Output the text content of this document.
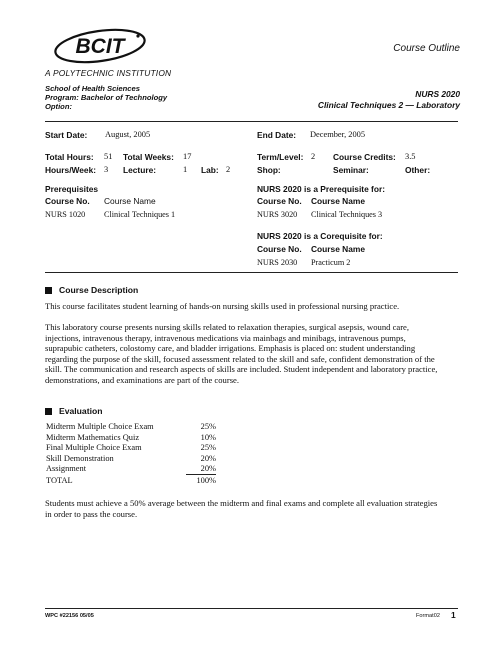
BCIT
A POLYTECHNIC INSTITUTION
Course Outline
School of Health Sciences
Program: Bachelor of Technology
Option:
NURS 2020
Clinical Techniques 2 — Laboratory
Start Date: August, 2005	End Date: December, 2005
Total Hours: 51 Total Weeks: 17	Term/Level: 2 Course Credits: 3.5
Hours/Week: 3 Lecture:	1 Lab: 2	Shop:	Seminar:	Other:
Prerequisites
Course No. Course Name
NURS 1020 Clinical Techniques 1
NURS 2020 is a Prerequisite for:
Course No. Course Name
NURS 3020 Clinical Techniques 3
NURS 2020 is a Corequisite for:
Course No. Course Name
NURS 2030 Practicum 2
Course Description
This course facilitates student learning of hands-on nursing skills used in professional nursing practice.
This laboratory course presents nursing skills related to relaxation therapies, surgical asepsis, wound care,
injections, intravenous therapy, intravenous medications via mainbags and minibags, intravenous pumps,
suprapubic catheters, colostomy care, and bladder irrigations. Emphasis is placed on: student understanding
regarding the purpose of the skill, focused assessment related to the skill and safe, confident demonstration of the
skill. The communication and research aspects of skills are included. Student independent and laboratory practice,
demonstrations, and examinations are part of the course.
Evaluation
Midterm Multiple Choice Exam	25%
Midterm Mathematics Quiz	10%
Final Multiple Choice Exam	25%
Skill Demonstration	20%
Assignment	20%
TOTAL	100%
Students must achieve a 50% average between the midterm and final exams and complete all evaluation strategies
in order to pass the course.
WPC #22156 05/05	Format02 1
